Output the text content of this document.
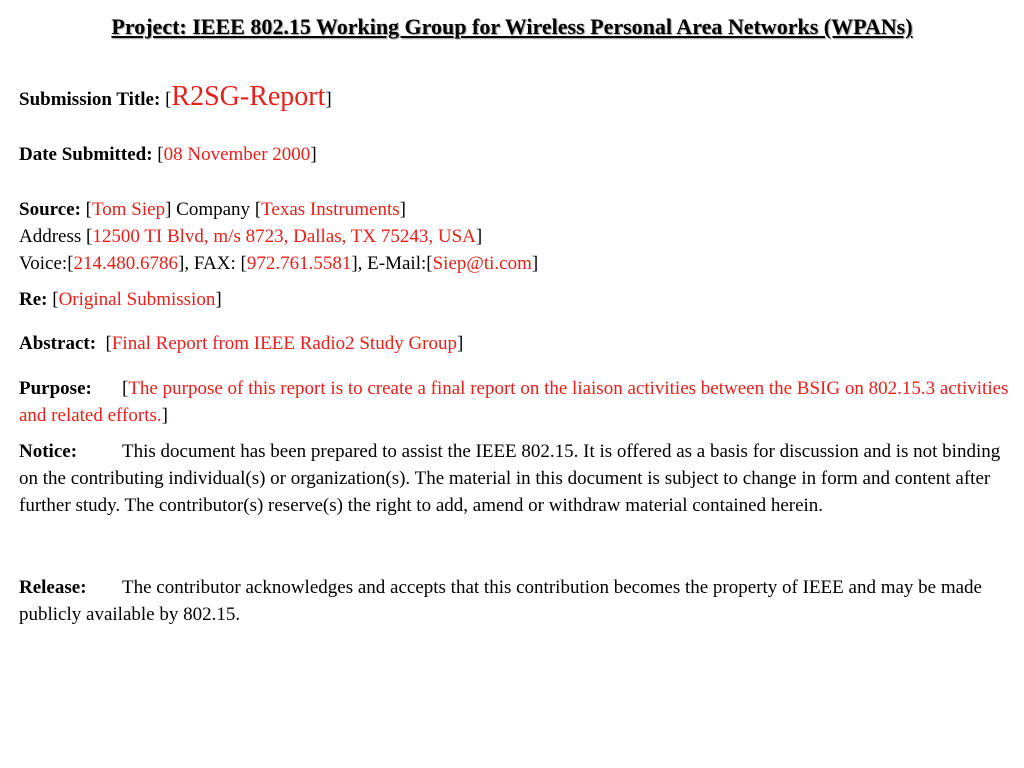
Project: IEEE 802.15 Working Group for Wireless Personal Area Networks (WPANs)
Submission Title: [R2SG-Report]
Date Submitted: [08 November 2000]
Source: [Tom Siep] Company [Texas Instruments]
Address [12500 TI Blvd, m/s 8723, Dallas, TX 75243, USA]
Voice:[214.480.6786], FAX: [972.761.5581], E-Mail:[Siep@ti.com]
Re: [Original Submission]
Abstract:  [Final Report from IEEE Radio2 Study Group]
Purpose: [The purpose of this report is to create a final report on the liaison activities between the BSIG on 802.15.3 activities and related efforts.]
Notice: This document has been prepared to assist the IEEE 802.15. It is offered as a basis for discussion and is not binding on the contributing individual(s) or organization(s). The material in this document is subject to change in form and content after further study. The contributor(s) reserve(s) the right to add, amend or withdraw material contained herein.
Release: The contributor acknowledges and accepts that this contribution becomes the property of IEEE and may be made publicly available by 802.15.
